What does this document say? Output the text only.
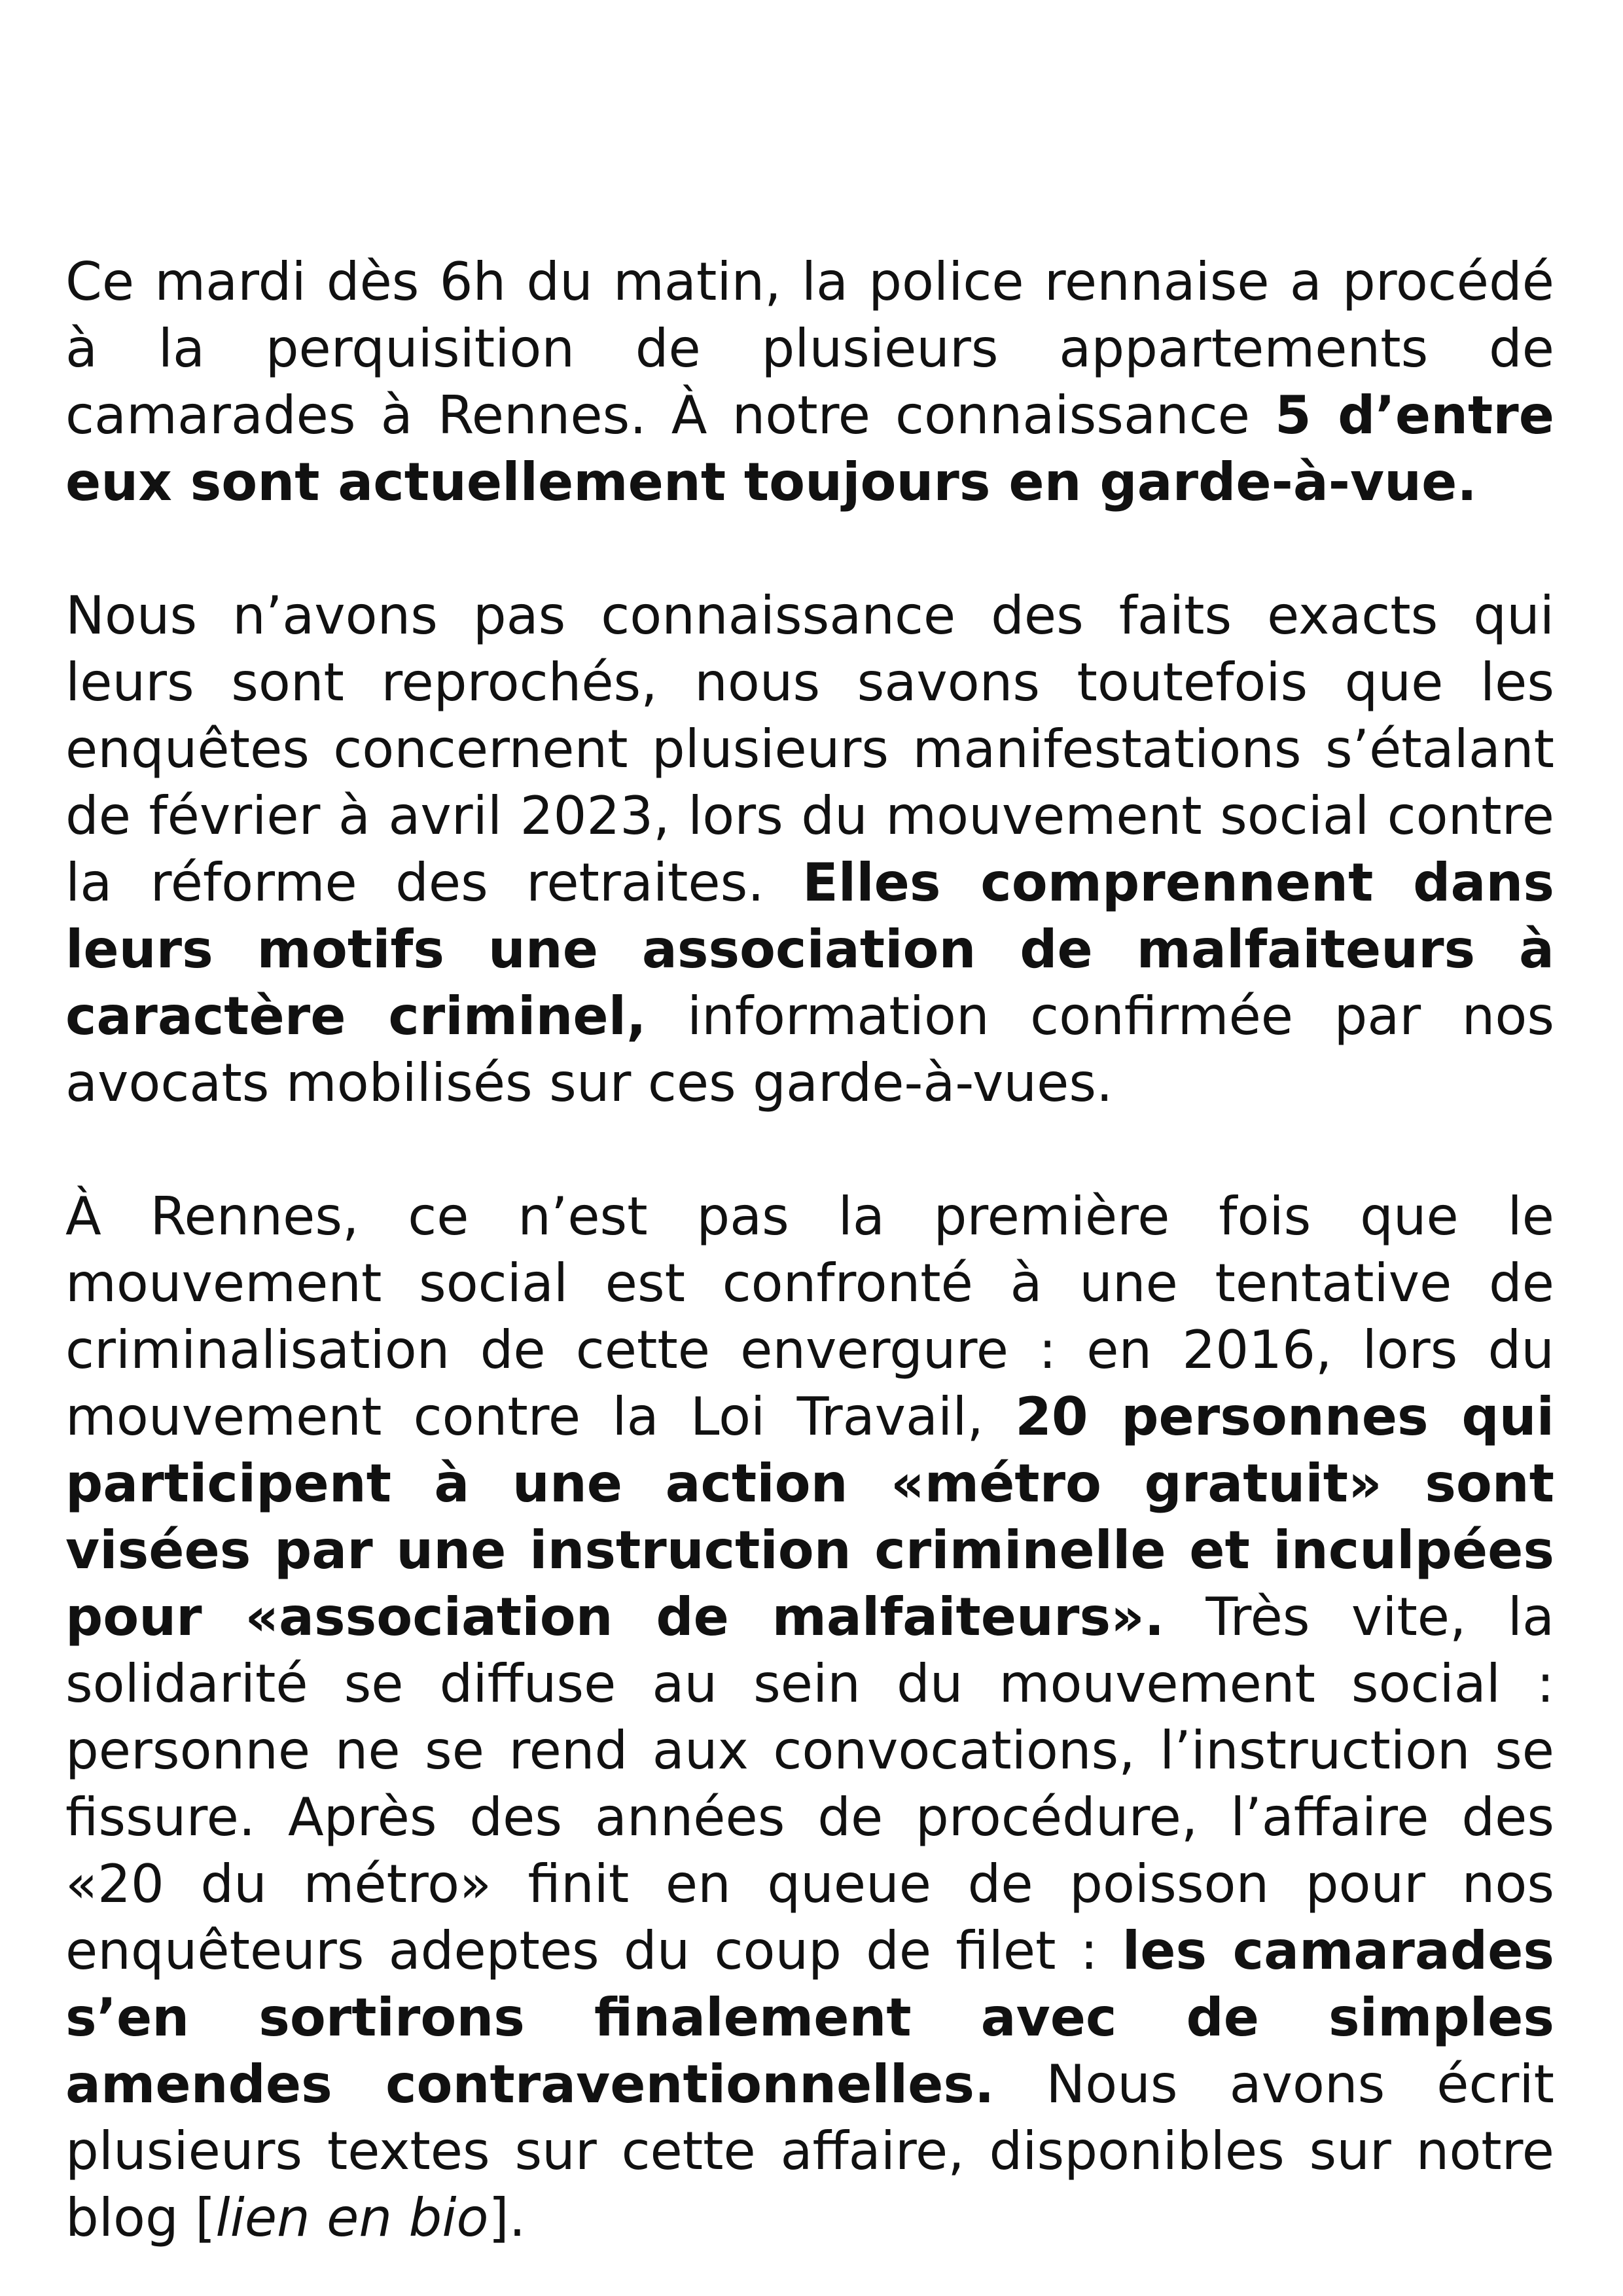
Ce mardi dès 6h du matin, la police rennaise a procédé à la perquisition de plusieurs appartements de camarades à Rennes. À notre connaissance 5 d’entre eux sont actuellement toujours en garde-à-vue.

Nous n’avons pas connaissance des faits exacts qui leurs sont reprochés, nous savons toutefois que les enquêtes concernent plusieurs manifestations s’étalant de février à avril 2023, lors du mouvement social contre la réforme des retraites. Elles comprennent dans leurs motifs une association de malfaiteurs à caractère criminel, information confirmée par nos avocats mobilisés sur ces garde-à-vues.

À Rennes, ce n’est pas la première fois que le mouvement social est confronté à une tentative de criminalisation de cette envergure : en 2016, lors du mouvement contre la Loi Travail, 20 personnes qui participent à une action «métro gratuit» sont visées par une instruction criminelle et inculpées pour «association de malfaiteurs». Très vite, la solidarité se diffuse au sein du mouvement social : personne ne se rend aux convocations, l’instruction se fissure. Après des années de procédure, l’affaire des «20 du métro» finit en queue de poisson pour nos enquêteurs adeptes du coup de filet : les camarades s’en sortirons finalement avec de simples amendes contraventionnelles. Nous avons écrit plusieurs textes sur cette affaire, disponibles sur notre blog [lien en bio].
